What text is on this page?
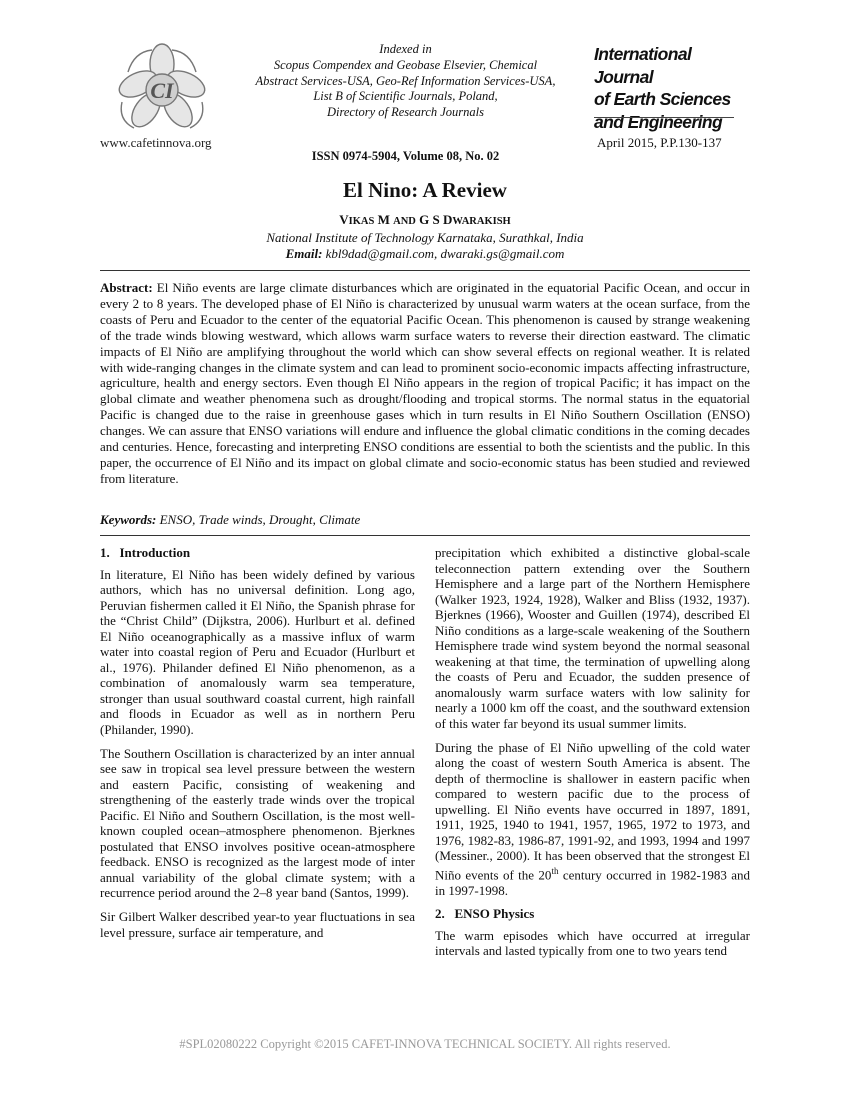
CI
www.cafetinnova.org
Indexed in
Scopus Compendex and Geobase Elsevier, Chemical
Abstract Services-USA, Geo-Ref Information Services-USA,
List B of Scientific Journals, Poland,
Directory of Research Journals
ISSN 0974-5904, Volume 08, No. 02
International Journal
of Earth Sciences
and Engineering
April 2015, P.P.130-137
El Nino: A Review
VIKAS M AND G S DWARAKISH
National Institute of Technology Karnataka, Surathkal, India
Email: kbl9dad@gmail.com, dwaraki.gs@gmail.com
Abstract: El Niño events are large climate disturbances which are originated in the equatorial Pacific Ocean, and occur in every 2 to 8 years. The developed phase of El Niño is characterized by unusual warm waters at the ocean surface, from the coasts of Peru and Ecuador to the center of the equatorial Pacific Ocean. This phenomenon is caused by strange weakening of the trade winds blowing westward, which allows warm surface waters to reverse their direction eastward. The climatic impacts of El Niño are amplifying throughout the world which can show several effects on regional weather. It is related with wide-ranging changes in the climate system and can lead to prominent socio-economic impacts affecting infrastructure, agriculture, health and energy sectors. Even though El Niño appears in the region of tropical Pacific; it has impact on the global climate and weather phenomena such as drought/flooding and tropical storms. The normal status in the equatorial Pacific is changed due to the raise in greenhouse gases which in turn results in El Niño Southern Oscillation (ENSO) changes. We can assure that ENSO variations will endure and influence the global climatic conditions in the coming decades and centuries. Hence, forecasting and interpreting ENSO conditions are essential to both the scientists and the public. In this paper, the occurrence of El Niño and its impact on global climate and socio-economic status has been studied and reviewed from literature.
Keywords: ENSO, Trade winds, Drought, Climate
1.   Introduction

In literature, El Niño has been widely defined by various authors, which has no universal definition. Long ago, Peruvian fishermen called it El Niño, the Spanish phrase for the “Christ Child” (Dijkstra, 2006). Hurlburt et al. defined El Niño oceanographically as a massive influx of warm water into coastal region of Peru and Ecuador (Hurlburt et al., 1976). Philander defined El Niño phenomenon, as a combination of anomalously warm sea temperature, stronger than usual southward coastal current, high rainfall and floods in Ecuador as well as in northern Peru (Philander, 1990).

The Southern Oscillation is characterized by an inter annual see saw in tropical sea level pressure between the western and eastern Pacific, consisting of weakening and strengthening of the easterly trade winds over the tropical Pacific. El Niño and Southern Oscillation, is the most well-known coupled ocean–atmosphere phenomenon. Bjerknes postulated that ENSO involves positive ocean-atmosphere feedback. ENSO is recognized as the largest mode of inter annual variability of the global climate system; with a recurrence period around the 2–8 year band (Santos, 1999).

Sir Gilbert Walker described year-to year fluctuations in sea level pressure, surface air temperature, and

precipitation which exhibited a distinctive global-scale teleconnection pattern extending over the Southern Hemisphere and a large part of the Northern Hemisphere (Walker 1923, 1924, 1928), Walker and Bliss (1932, 1937). Bjerknes (1966), Wooster and Guillen (1974), described El Niño conditions as a large-scale weakening of the Southern Hemisphere trade wind system beyond the normal seasonal weakening at that time, the termination of upwelling along the coasts of Peru and Ecuador, the sudden presence of anomalously warm surface waters with low salinity for nearly a 1000 km off the coast, and the southward extension of this water far beyond its usual summer limits.

During the phase of El Niño upwelling of the cold water along the coast of western South America is absent. The depth of thermocline is shallower in eastern pacific when compared to western pacific due to the process of upwelling. El Niño events have occurred in 1897, 1891, 1911, 1925, 1940 to 1941, 1957, 1965, 1972 to 1973, and 1976, 1982-83, 1986-87, 1991-92, and 1993, 1994 and 1997 (Messiner., 2000). It has been observed that the strongest El Niño events of the 20th century occurred in 1982-1983 and in 1997-1998.

2.   ENSO Physics

The warm episodes which have occurred at irregular intervals and lasted typically from one to two years tend

#SPL02080222 Copyright ©2015 CAFET-INNOVA TECHNICAL SOCIETY. All rights reserved.
